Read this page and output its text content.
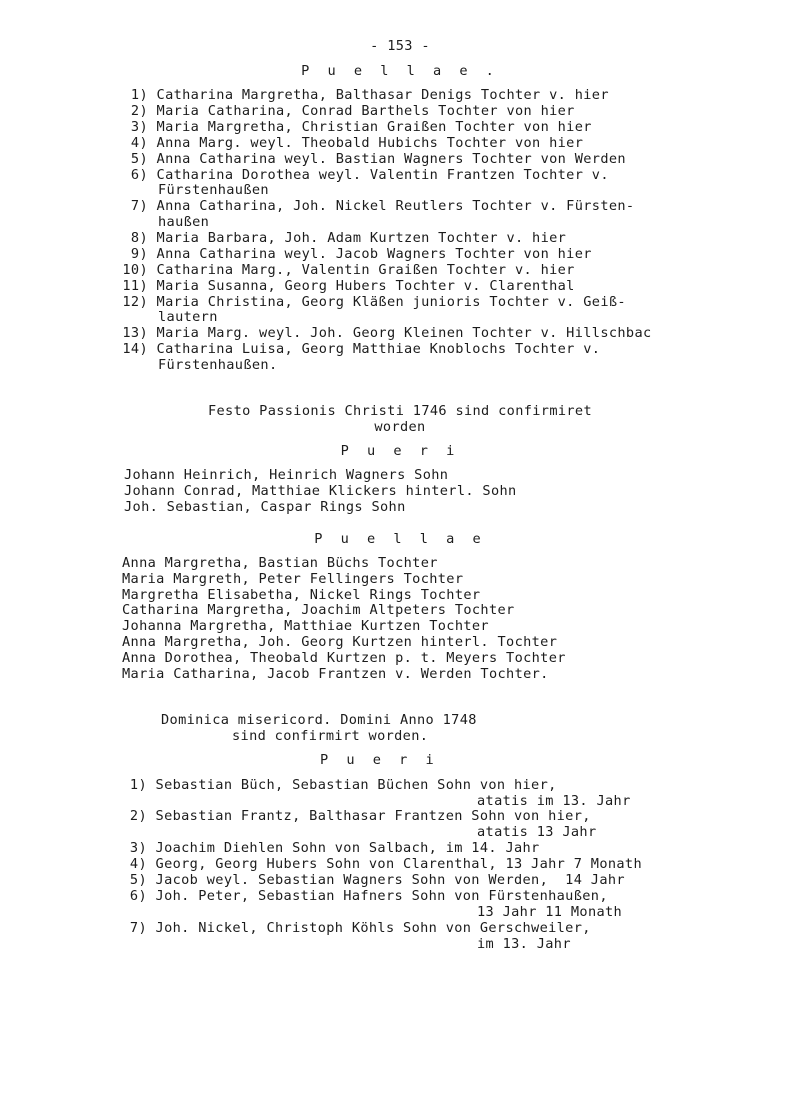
- 153 -
P u e l l a e .
1) Catharina Margretha, Balthasar Denigs Tochter v. hier
2) Maria Catharina, Conrad Barthels Tochter von hier
3) Maria Margretha, Christian Graißen Tochter von hier
4) Anna Marg. weyl. Theobald Hubichs Tochter von hier
5) Anna Catharina weyl. Bastian Wagners Tochter von Werden
6) Catharina Dorothea weyl. Valentin Frantzen Tochter v.
Fürstenhaußen
7) Anna Catharina, Joh. Nickel Reutlers Tochter v. Fürsten-
haußen
8) Maria Barbara, Joh. Adam Kurtzen Tochter v. hier
9) Anna Catharina weyl. Jacob Wagners Tochter von hier
10) Catharina Marg., Valentin Graißen Tochter v. hier
11) Maria Susanna, Georg Hubers Tochter v. Clarenthal
12) Maria Christina, Georg Kläßen junioris Tochter v. Geiß-
lautern
13) Maria Marg. weyl. Joh. Georg Kleinen Tochter v. Hillschbac
14) Catharina Luisa, Georg Matthiae Knoblochs Tochter v.
Fürstenhaußen.
Festo Passionis Christi 1746 sind confirmiret
worden
P u e r i
Johann Heinrich, Heinrich Wagners Sohn
Johann Conrad, Matthiae Klickers hinterl. Sohn
Joh. Sebastian, Caspar Rings Sohn
P u e l l a e
Anna Margretha, Bastian Büchs Tochter
Maria Margreth, Peter Fellingers Tochter
Margretha Elisabetha, Nickel Rings Tochter
Catharina Margretha, Joachim Altpeters Tochter
Johanna Margretha, Matthiae Kurtzen Tochter
Anna Margretha, Joh. Georg Kurtzen hinterl. Tochter
Anna Dorothea, Theobald Kurtzen p. t. Meyers Tochter
Maria Catharina, Jacob Frantzen v. Werden Tochter.
Dominica misericord. Domini Anno 1748
sind confirmirt worden.
P u e r i
1) Sebastian Büch, Sebastian Büchen Sohn von hier,
atatis im 13. Jahr
2) Sebastian Frantz, Balthasar Frantzen Sohn von hier,
atatis 13 Jahr
3) Joachim Diehlen Sohn von Salbach, im 14. Jahr
4) Georg, Georg Hubers Sohn von Clarenthal, 13 Jahr 7 Monath
5) Jacob weyl. Sebastian Wagners Sohn von Werden,  14 Jahr
6) Joh. Peter, Sebastian Hafners Sohn von Fürstenhaußen,
13 Jahr 11 Monath
7) Joh. Nickel, Christoph Köhls Sohn von Gerschweiler,
im 13. Jahr
